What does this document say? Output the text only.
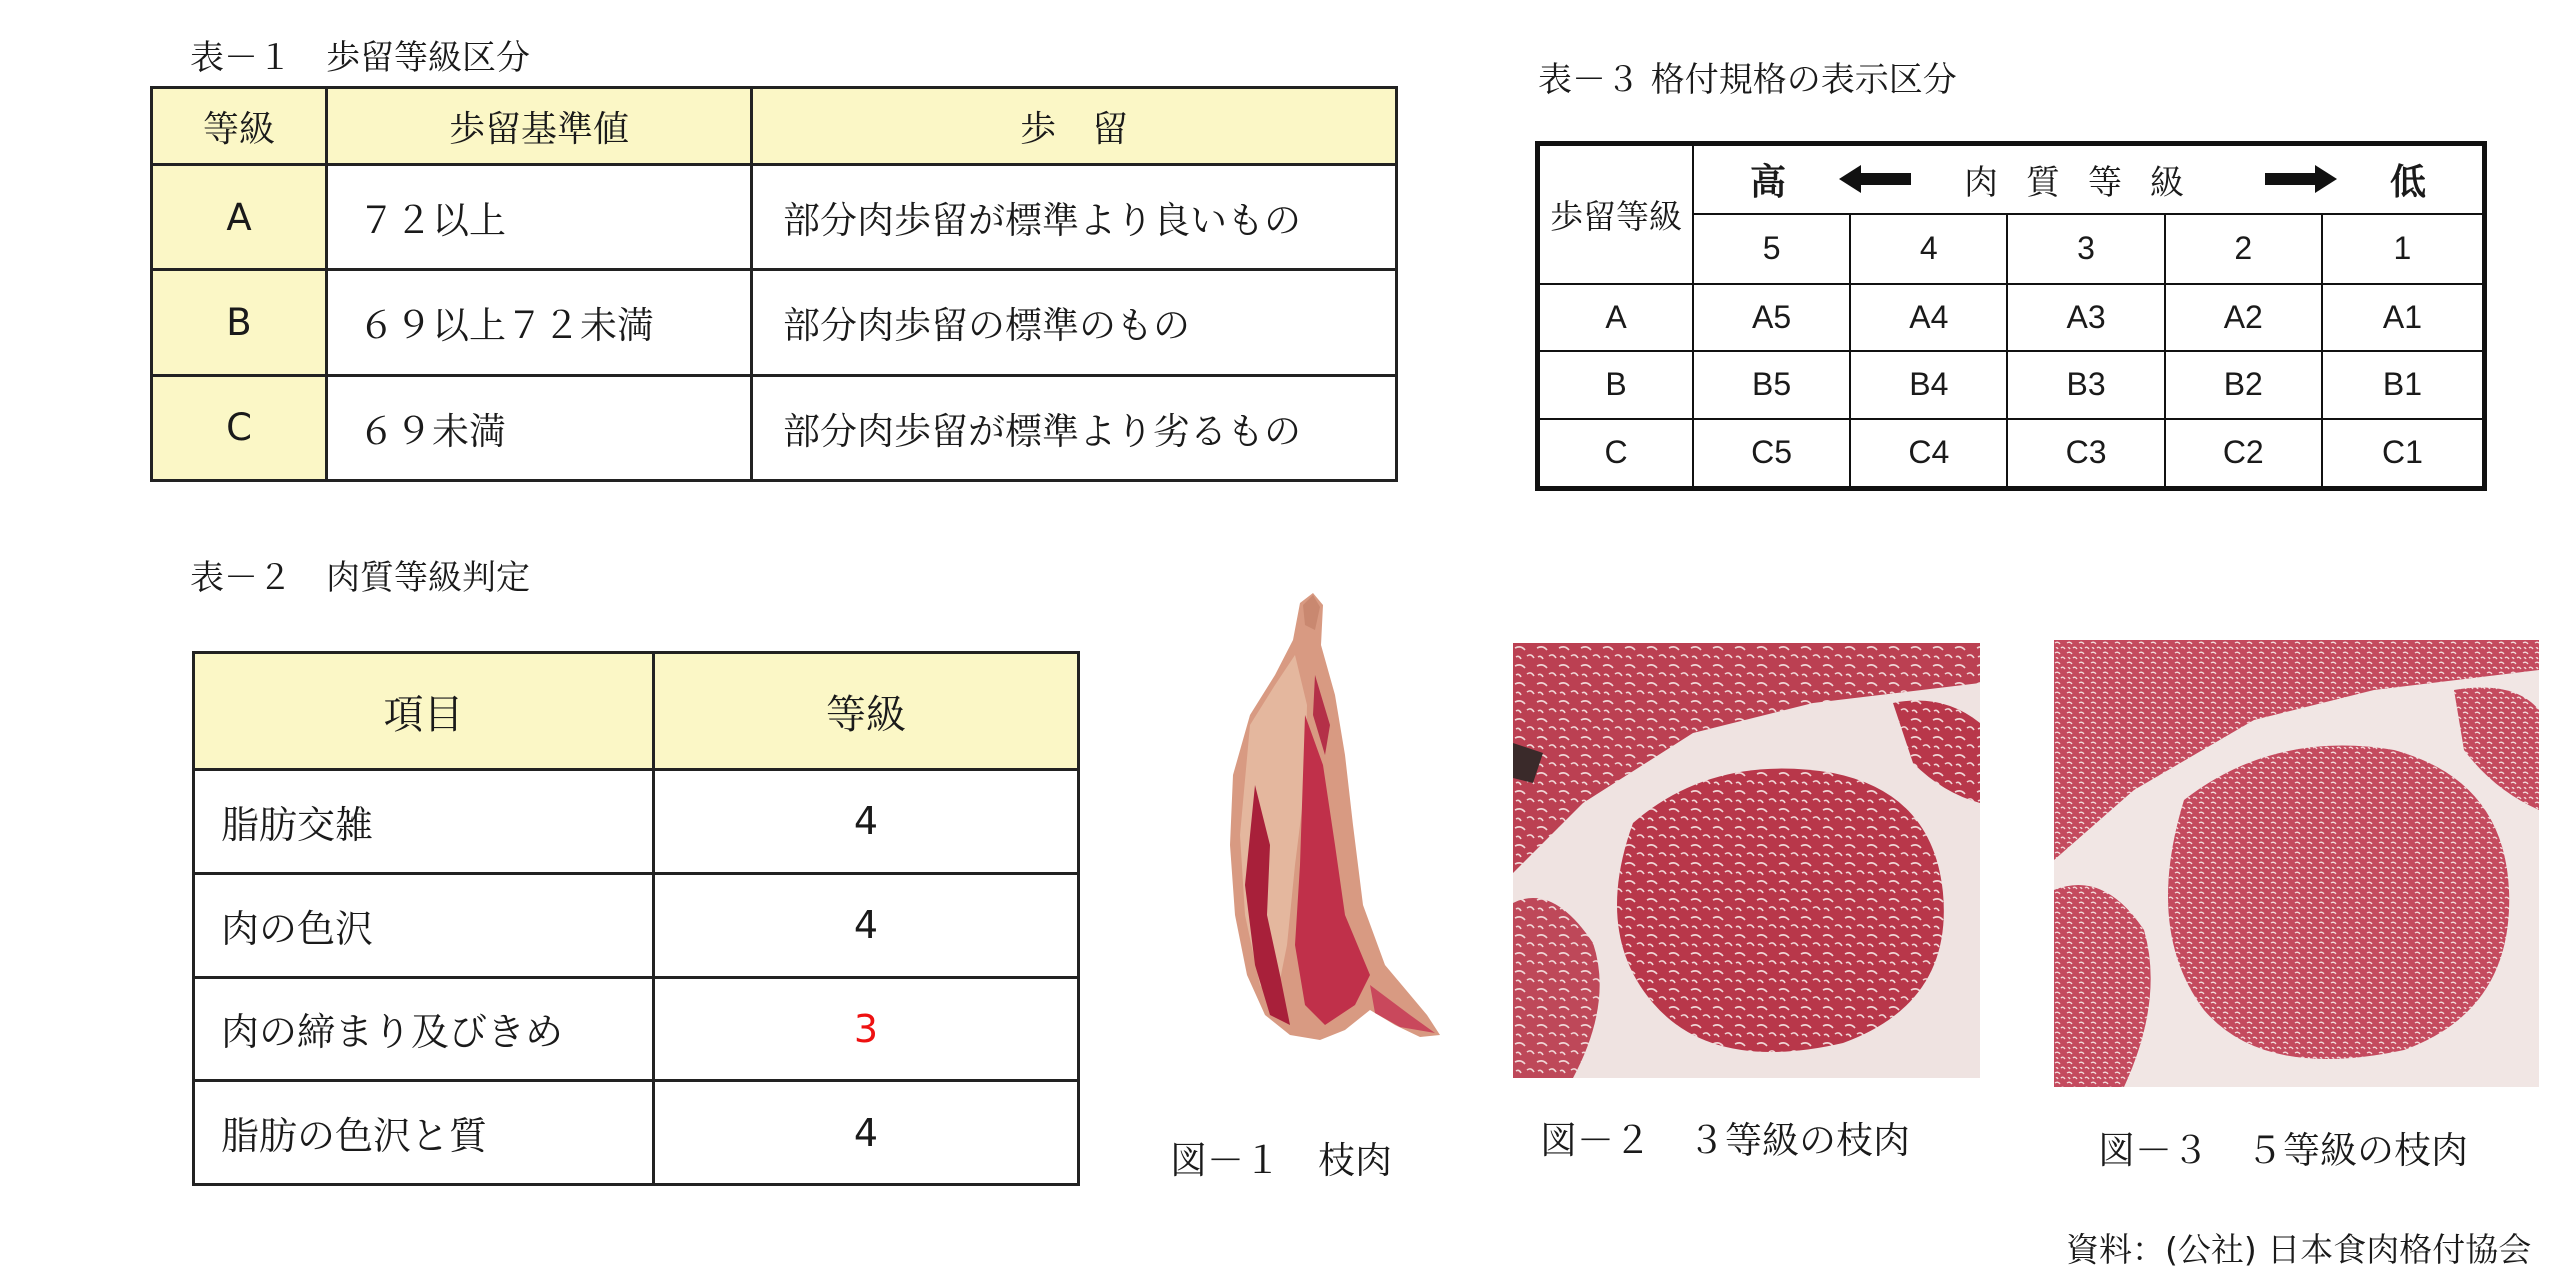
表－１　歩留等級区分
等級	歩留基準値	歩　留
A	７２以上	部分肉歩留が標準より良いもの
B	６９以上７２未満	部分肉歩留の標準のもの
C	６９未満	部分肉歩留が標準より劣るもの
表－３ 格付規格の表示区分
歩留等級	高 肉質等級 低				

	5	4	3	2	1
A	A5	A4	A3	A2	A1
B	B5	B4	B3	B2	B1
C	C5	C4	C3	C2	C1
表－２　肉質等級判定
項目	等級
脂肪交雑	4
肉の色沢	4
肉の締まり及びきめ	3
脂肪の色沢と質	4
図－１　枝肉	図－２　３等級の枝肉	図－３　５等級の枝肉
資料：(公社) 日本食肉格付協会
